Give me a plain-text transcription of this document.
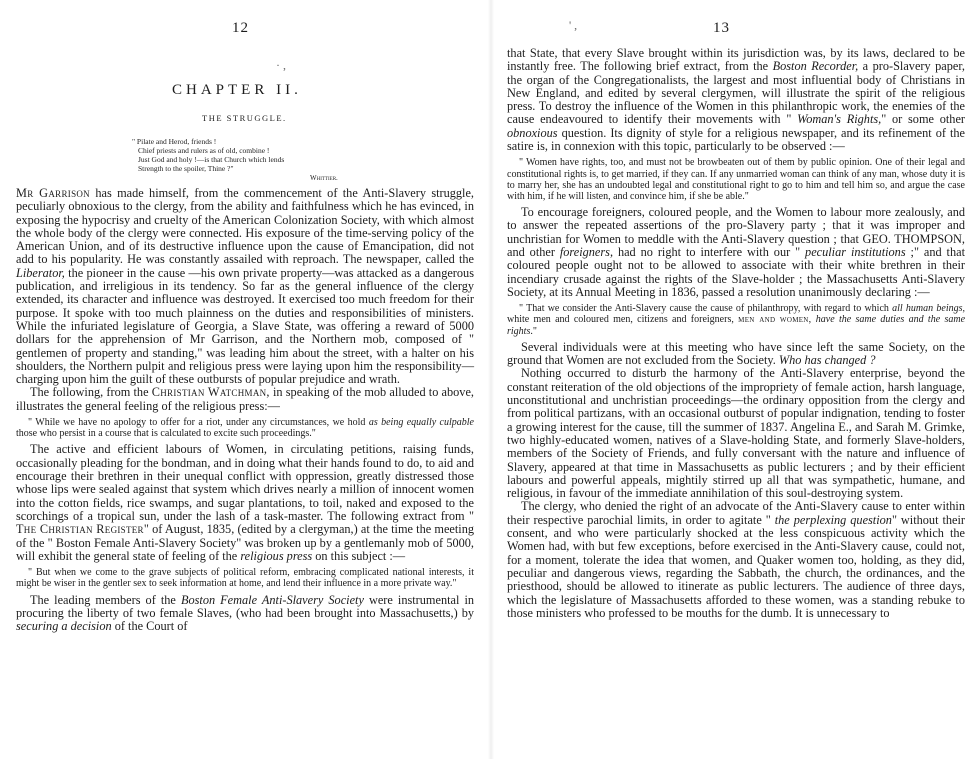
12
· ,
CHAPTER II.
THE STRUGGLE.
" Pilate and Herod, friends !
Chief priests and rulers as of old, combine !
Just God and holy !—is that Church which lends
Strength to the spoiler, Thine ?"
Whittier.

Mr Garrison has made himself, from the commencement of the Anti-Slavery struggle, peculiarly obnoxious to the clergy, from the ability and faithfulness which he has evinced, in exposing the hypocrisy and cruelty of the American Colonization Society, with which almost the whole body of the clergy were connected. His exposure of the time-serving policy of the American Union, and of its destructive influence upon the cause of Emancipation, did not add to his popularity. He was constantly assailed with reproach. The newspaper, called the Liberator, the pioneer in the cause —his own private property—was attacked as a dangerous publication, and irreligious in its tendency. So far as the general influence of the clergy extended, its character and influence was destroyed. It exercised too much freedom for their purpose. It spoke with too much plainness on the duties and responsibilities of ministers. While the infuriated legislature of Georgia, a Slave State, was offering a reward of 5000 dollars for the apprehension of Mr Garrison, and the Northern mob, composed of " gentlemen of property and standing," was leading him about the street, with a halter on his shoulders, the Northern pulpit and religious press were laying upon him the responsibility—charging upon him the guilt of these outbursts of popular prejudice and wrath.

The following, from the Christian Watchman, in speaking of the mob alluded to above, illustrates the general feeling of the religious press:—

" While we have no apology to offer for a riot, under any circumstances, we hold as being equally culpable those who persist in a course that is calculated to excite such proceedings."

The active and efficient labours of Women, in circulating petitions, raising funds, occasionally pleading for the bondman, and in doing what their hands found to do, to aid and encourage their brethren in their unequal conflict with oppression, greatly distressed those whose lips were sealed against that system which drives nearly a million of innocent women into the cotton fields, rice swamps, and sugar plantations, to toil, naked and exposed to the scorchings of a tropical sun, under the lash of a task-master. The following extract from " The Christian Register" of August, 1835, (edited by a clergyman,) at the time the meeting of the " Boston Female Anti-Slavery Society" was broken up by a gentlemanly mob of 5000, will exhibit the general state of feeling of the religious press on this subject :—

" But when we come to the grave subjects of political reform, embracing complicated national interests, it might be wiser in the gentler sex to seek information at home, and lend their influence in a more private way."

The leading members of the Boston Female Anti-Slavery Society were instrumental in procuring the liberty of two female Slaves, (who had been brought into Massachusetts,) by securing a decision of the Court of

' ,	13

that State, that every Slave brought within its jurisdiction was, by its laws, declared to be instantly free. The following brief extract, from the Boston Recorder, a pro-Slavery paper, the organ of the Congregationalists, the largest and most influential body of Christians in New England, and edited by several clergymen, will illustrate the spirit of the religious press. To destroy the influence of the Women in this philanthropic work, the enemies of the cause endeavoured to identify their movements with " Woman's Rights," or some other obnoxious question. Its dignity of style for a religious newspaper, and its refinement of the satire is, in connexion with this topic, particularly to be observed :—

" Women have rights, too, and must not be browbeaten out of them by public opinion. One of their legal and constitutional rights is, to get married, if they can. If any unmarried woman can think of any man, whose duty it is to marry her, she has an undoubted legal and constitutional right to go to him and tell him so, and argue the case with him, if he will listen, and convince him, if she be able."

To encourage foreigners, coloured people, and the Women to labour more zealously, and to answer the repeated assertions of the pro-Slavery party ; that it was improper and unchristian for Women to meddle with the Anti-Slavery question ; that GEO. THOMPSON, and other foreigners, had no right to interfere with our " peculiar institutions ;" and that coloured people ought not to be allowed to associate with their white brethren in their incendiary crusade against the rights of the Slave-holder ; the Massachusetts Anti-Slavery Society, at its Annual Meeting in 1836, passed a resolution unanimously declaring :—

" That we consider the Anti-Slavery cause the cause of philanthropy, with regard to which all human beings, white men and coloured men, citizens and foreigners, men and women, have the same duties and the same rights."

Several individuals were at this meeting who have since left the same Society, on the ground that Women are not excluded from the Society. Who has changed ?

Nothing occurred to disturb the harmony of the Anti-Slavery enterprise, beyond the constant reiteration of the old objections of the impropriety of female action, harsh language, unconstitutional and unchristian proceedings—the ordinary opposition from the clergy and from political partizans, with an occasional outburst of popular indignation, tending to foster a growing interest for the cause, till the summer of 1837. Angelina E., and Sarah M. Grimke, two highly-educated women, natives of a Slave-holding State, and formerly Slave-holders, members of the Society of Friends, and fully conversant with the nature and influence of Slavery, appeared at that time in Massachusetts as public lecturers ; and by their efficient labours and powerful appeals, mightily stirred up all that was sympathetic, humane, and religious, in favour of the immediate annihilation of this soul-destroying system.

The clergy, who denied the right of an advocate of the Anti-Slavery cause to enter within their respective parochial limits, in order to agitate " the perplexing question" without their consent, and who were particularly shocked at the less conspicuous activity which the Women had, with but few exceptions, before exercised in the Anti-Slavery cause, could not, for a moment, tolerate the idea that women, and Quaker women too, holding, as they did, peculiar and dangerous views, regarding the Sabbath, the church, the ordinances, and the priesthood, should be allowed to itinerate as public lecturers. The audience of three days, which the legislature of Massachusetts afforded to these women, was a standing rebuke to those ministers who professed to be mouths for the dumb. It is unnecessary to
